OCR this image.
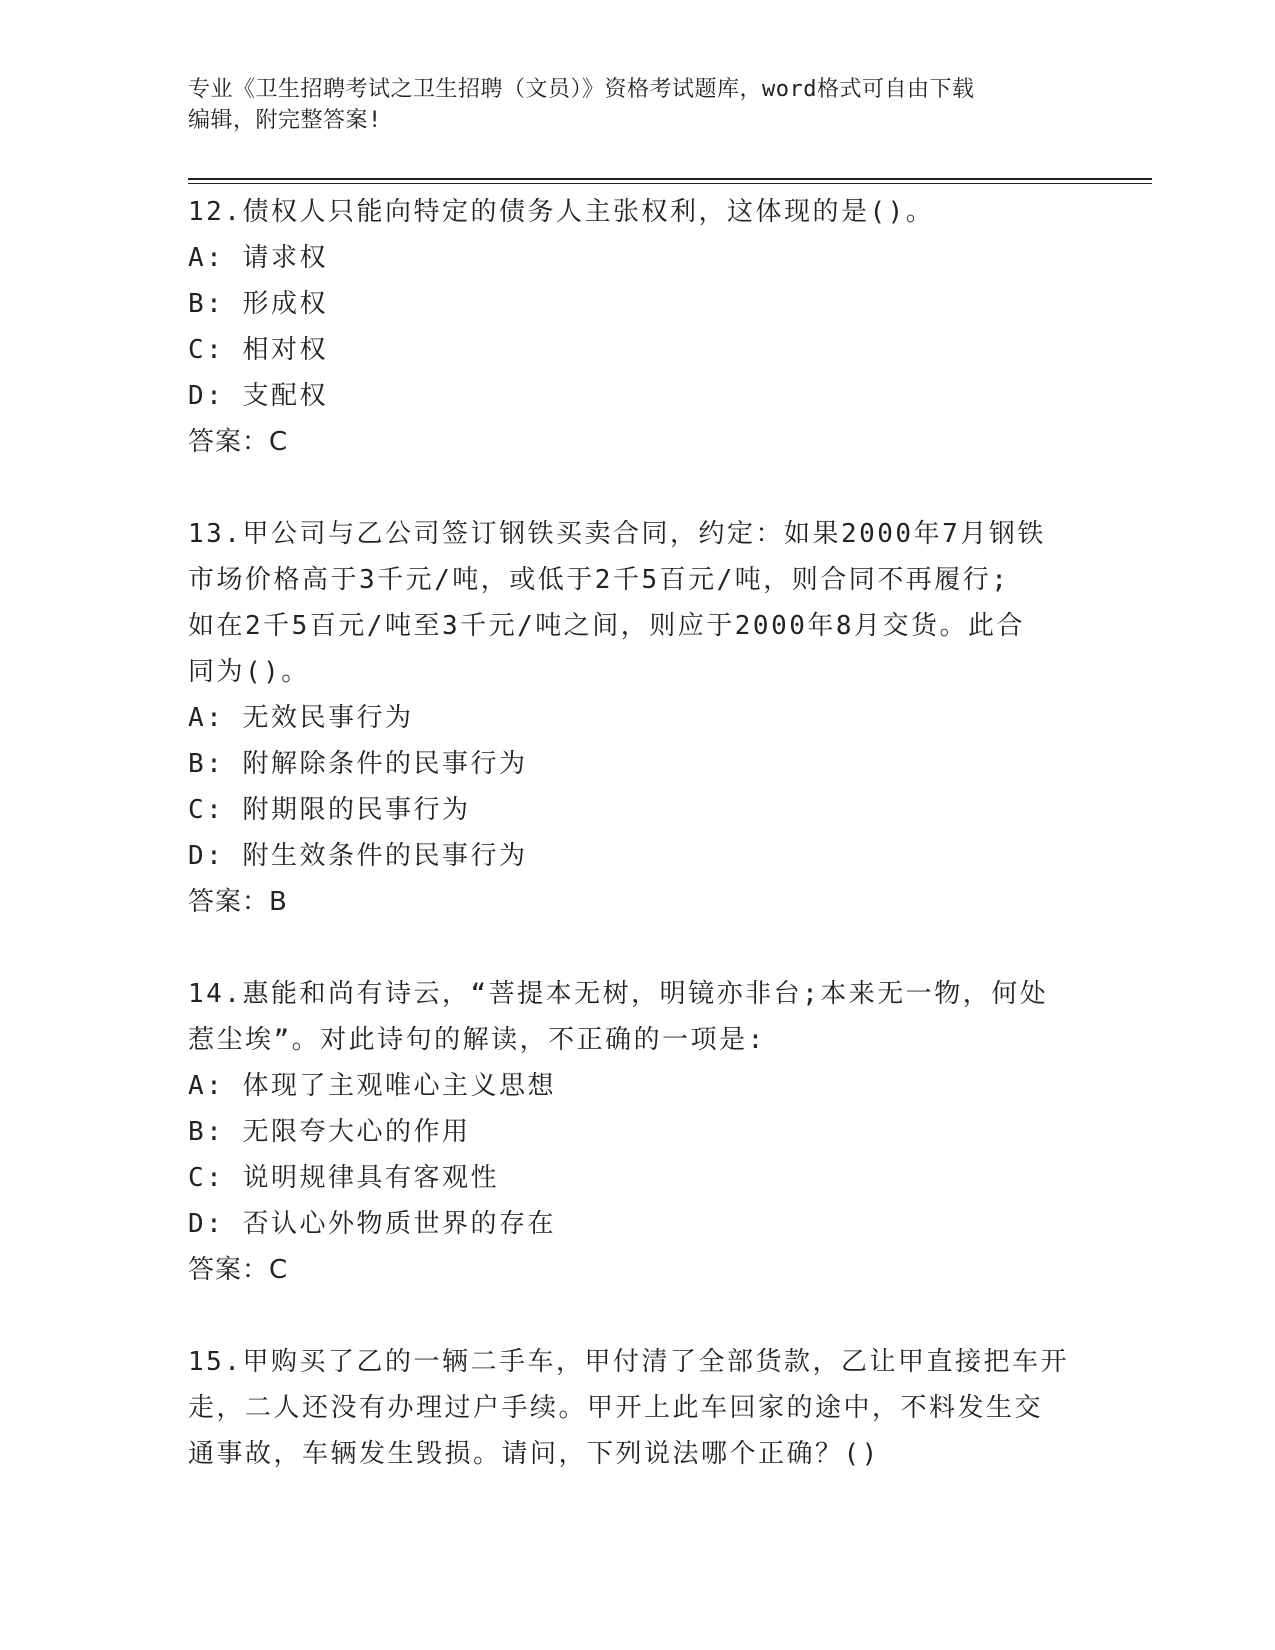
专业《卫生招聘考试之卫生招聘（文员）》资格考试题库，word格式可自由下载
编辑，附完整答案!
12.债权人只能向特定的债务人主张权利，这体现的是()。
A: 请求权
B: 形成权
C: 相对权
D: 支配权
答案：C
13.甲公司与乙公司签订钢铁买卖合同，约定：如果2000年7月钢铁
市场价格高于3千元/吨，或低于2千5百元/吨，则合同不再履行;
如在2千5百元/吨至3千元/吨之间，则应于2000年8月交货。此合
同为()。
A: 无效民事行为
B: 附解除条件的民事行为
C: 附期限的民事行为
D: 附生效条件的民事行为
答案：B
14.惠能和尚有诗云，“菩提本无树，明镜亦非台;本来无一物，何处
惹尘埃”。对此诗句的解读，不正确的一项是:
A: 体现了主观唯心主义思想
B: 无限夸大心的作用
C: 说明规律具有客观性
D: 否认心外物质世界的存在
答案：C
15.甲购买了乙的一辆二手车，甲付清了全部货款，乙让甲直接把车开
走，二人还没有办理过户手续。甲开上此车回家的途中，不料发生交
通事故，车辆发生毁损。请问，下列说法哪个正确？()
